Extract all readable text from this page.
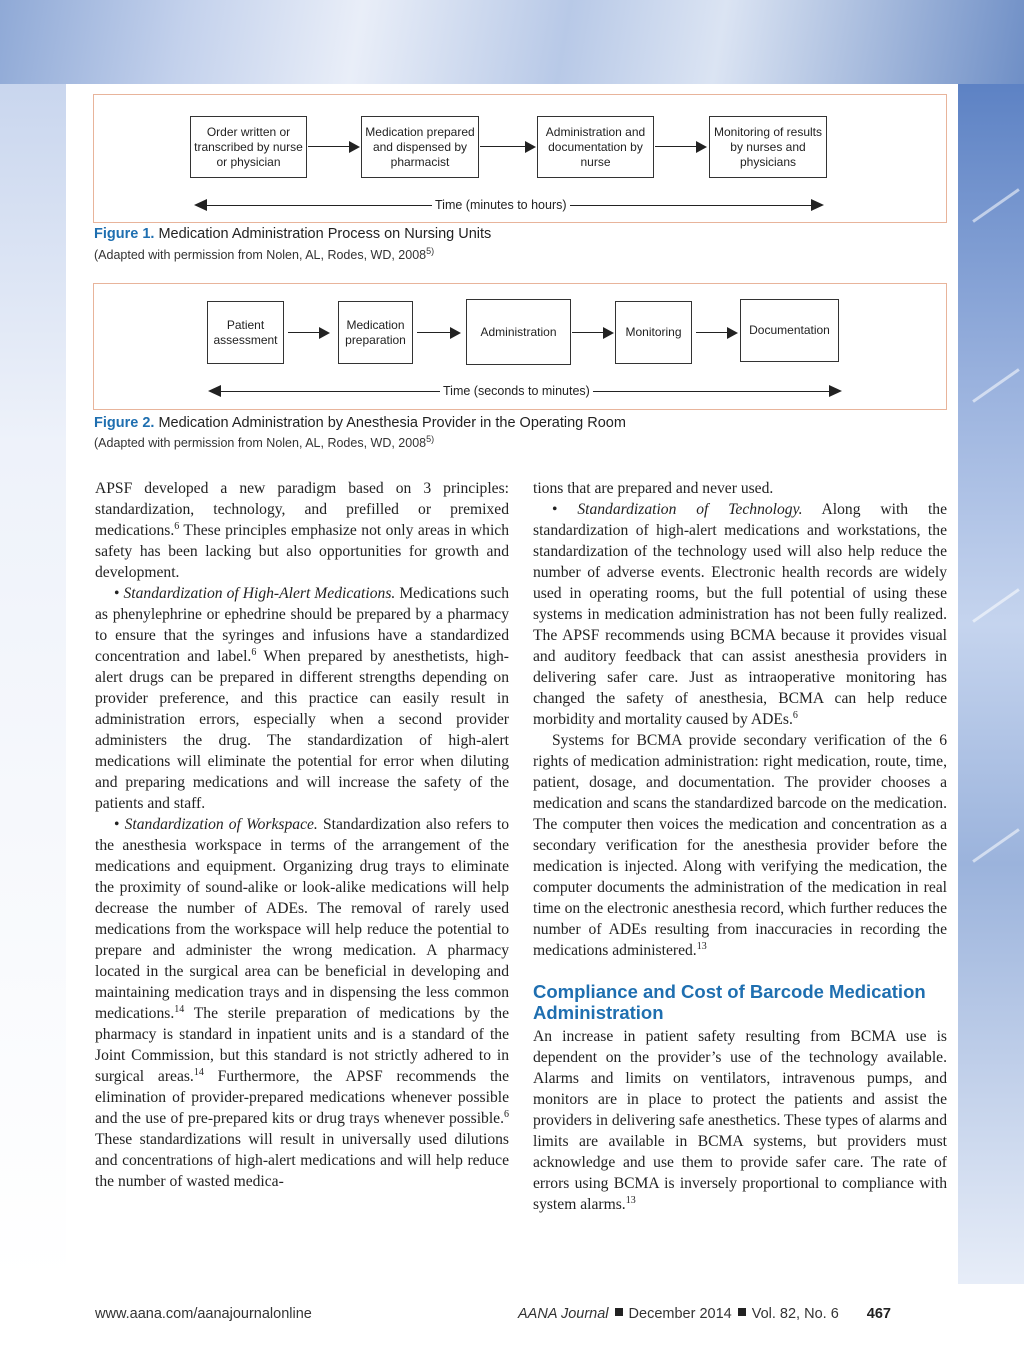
Order written or transcribed by nurse or physician
Medication prepared and dispensed by pharmacist
Administration and documentation by nurse
Monitoring of results by nurses and physicians
Time (minutes to hours)
Figure 1. Medication Administration Process on Nursing Units
(Adapted with permission from Nolen, AL, Rodes, WD, 2008$^{5)}$
Patient assessment
Medication preparation
Administration	Monitoring	Documentation
Time (seconds to minutes)
Figure 2. Medication Administration by Anesthesia Provider in the Operating Room
(Adapted with permission from Nolen, AL, Rodes, WD, 2008$^{5)}$

APSF developed a new paradigm based on 3 principles: standardization, technology, and prefilled or premixed medications.$^6$ These principles emphasize not only areas in which safety has been lacking but also opportunities for growth and development.

• Standardization of High-Alert Medications. Medications such as phenylephrine or ephedrine should be prepared by a pharmacy to ensure that the syringes and infusions have a standardized concentration and label.$^6$ When prepared by anesthetists, high-alert drugs can be prepared in different strengths depending on provider preference, and this practice can easily result in administration errors, especially when a second provider administers the drug. The standardization of high-alert medications will eliminate the potential for error when diluting and preparing medications and will increase the safety of the patients and staff.

• Standardization of Workspace. Standardization also refers to the anesthesia workspace in terms of the arrangement of the medications and equipment. Organizing drug trays to eliminate the proximity of sound-alike or look-alike medications will help decrease the number of ADEs. The removal of rarely used medications from the workspace will help reduce the potential to prepare and administer the wrong medication. A pharmacy located in the surgical area can be beneficial in developing and maintaining medication trays and in dispensing the less common medications.$^{14}$ The sterile preparation of medications by the pharmacy is standard in inpatient units and is a standard of the Joint Commission, but this standard is not strictly adhered to in surgical areas.$^{14}$ Furthermore, the APSF recommends the elimination of provider-prepared medications whenever possible and the use of pre-prepared kits or drug trays whenever possible.$^6$ These standardizations will result in universally used dilutions and concentrations of high-alert medications and will help reduce the number of wasted medica-

tions that are prepared and never used.

• Standardization of Technology. Along with the standardization of high-alert medications and workstations, the standardization of the technology used will also help reduce the number of adverse events. Electronic health records are widely used in operating rooms, but the full potential of using these systems in medication administration has not been fully realized. The APSF recommends using BCMA because it provides visual and auditory feedback that can assist anesthesia providers in delivering safer care. Just as intraoperative monitoring has changed the safety of anesthesia, BCMA can help reduce morbidity and mortality caused by ADEs.$^6$

Systems for BCMA provide secondary verification of the 6 rights of medication administration: right medication, route, time, patient, dosage, and documentation. The provider chooses a medication and scans the standardized barcode on the medication. The computer then voices the medication and concentration as a secondary verification for the anesthesia provider before the medication is injected. Along with verifying the medication, the computer documents the administration of the medication in real time on the electronic anesthesia record, which further reduces the number of ADEs resulting from inaccuracies in recording the medications administered.$^{13}$

Compliance and Cost of Barcode Medication Administration

An increase in patient safety resulting from BCMA use is dependent on the provider’s use of the technology available. Alarms and limits on ventilators, intravenous pumps, and monitors are in place to protect the patients and assist the providers in delivering safe anesthetics. These types of alarms and limits are available in BCMA systems, but providers must acknowledge and use them to provide safer care. The rate of errors using BCMA is inversely proportional to compliance with system alarms.$^{13}$

www.aana.com/aanajournalonline	AANA Journal December 2014 Vol. 82, No. 6 467
